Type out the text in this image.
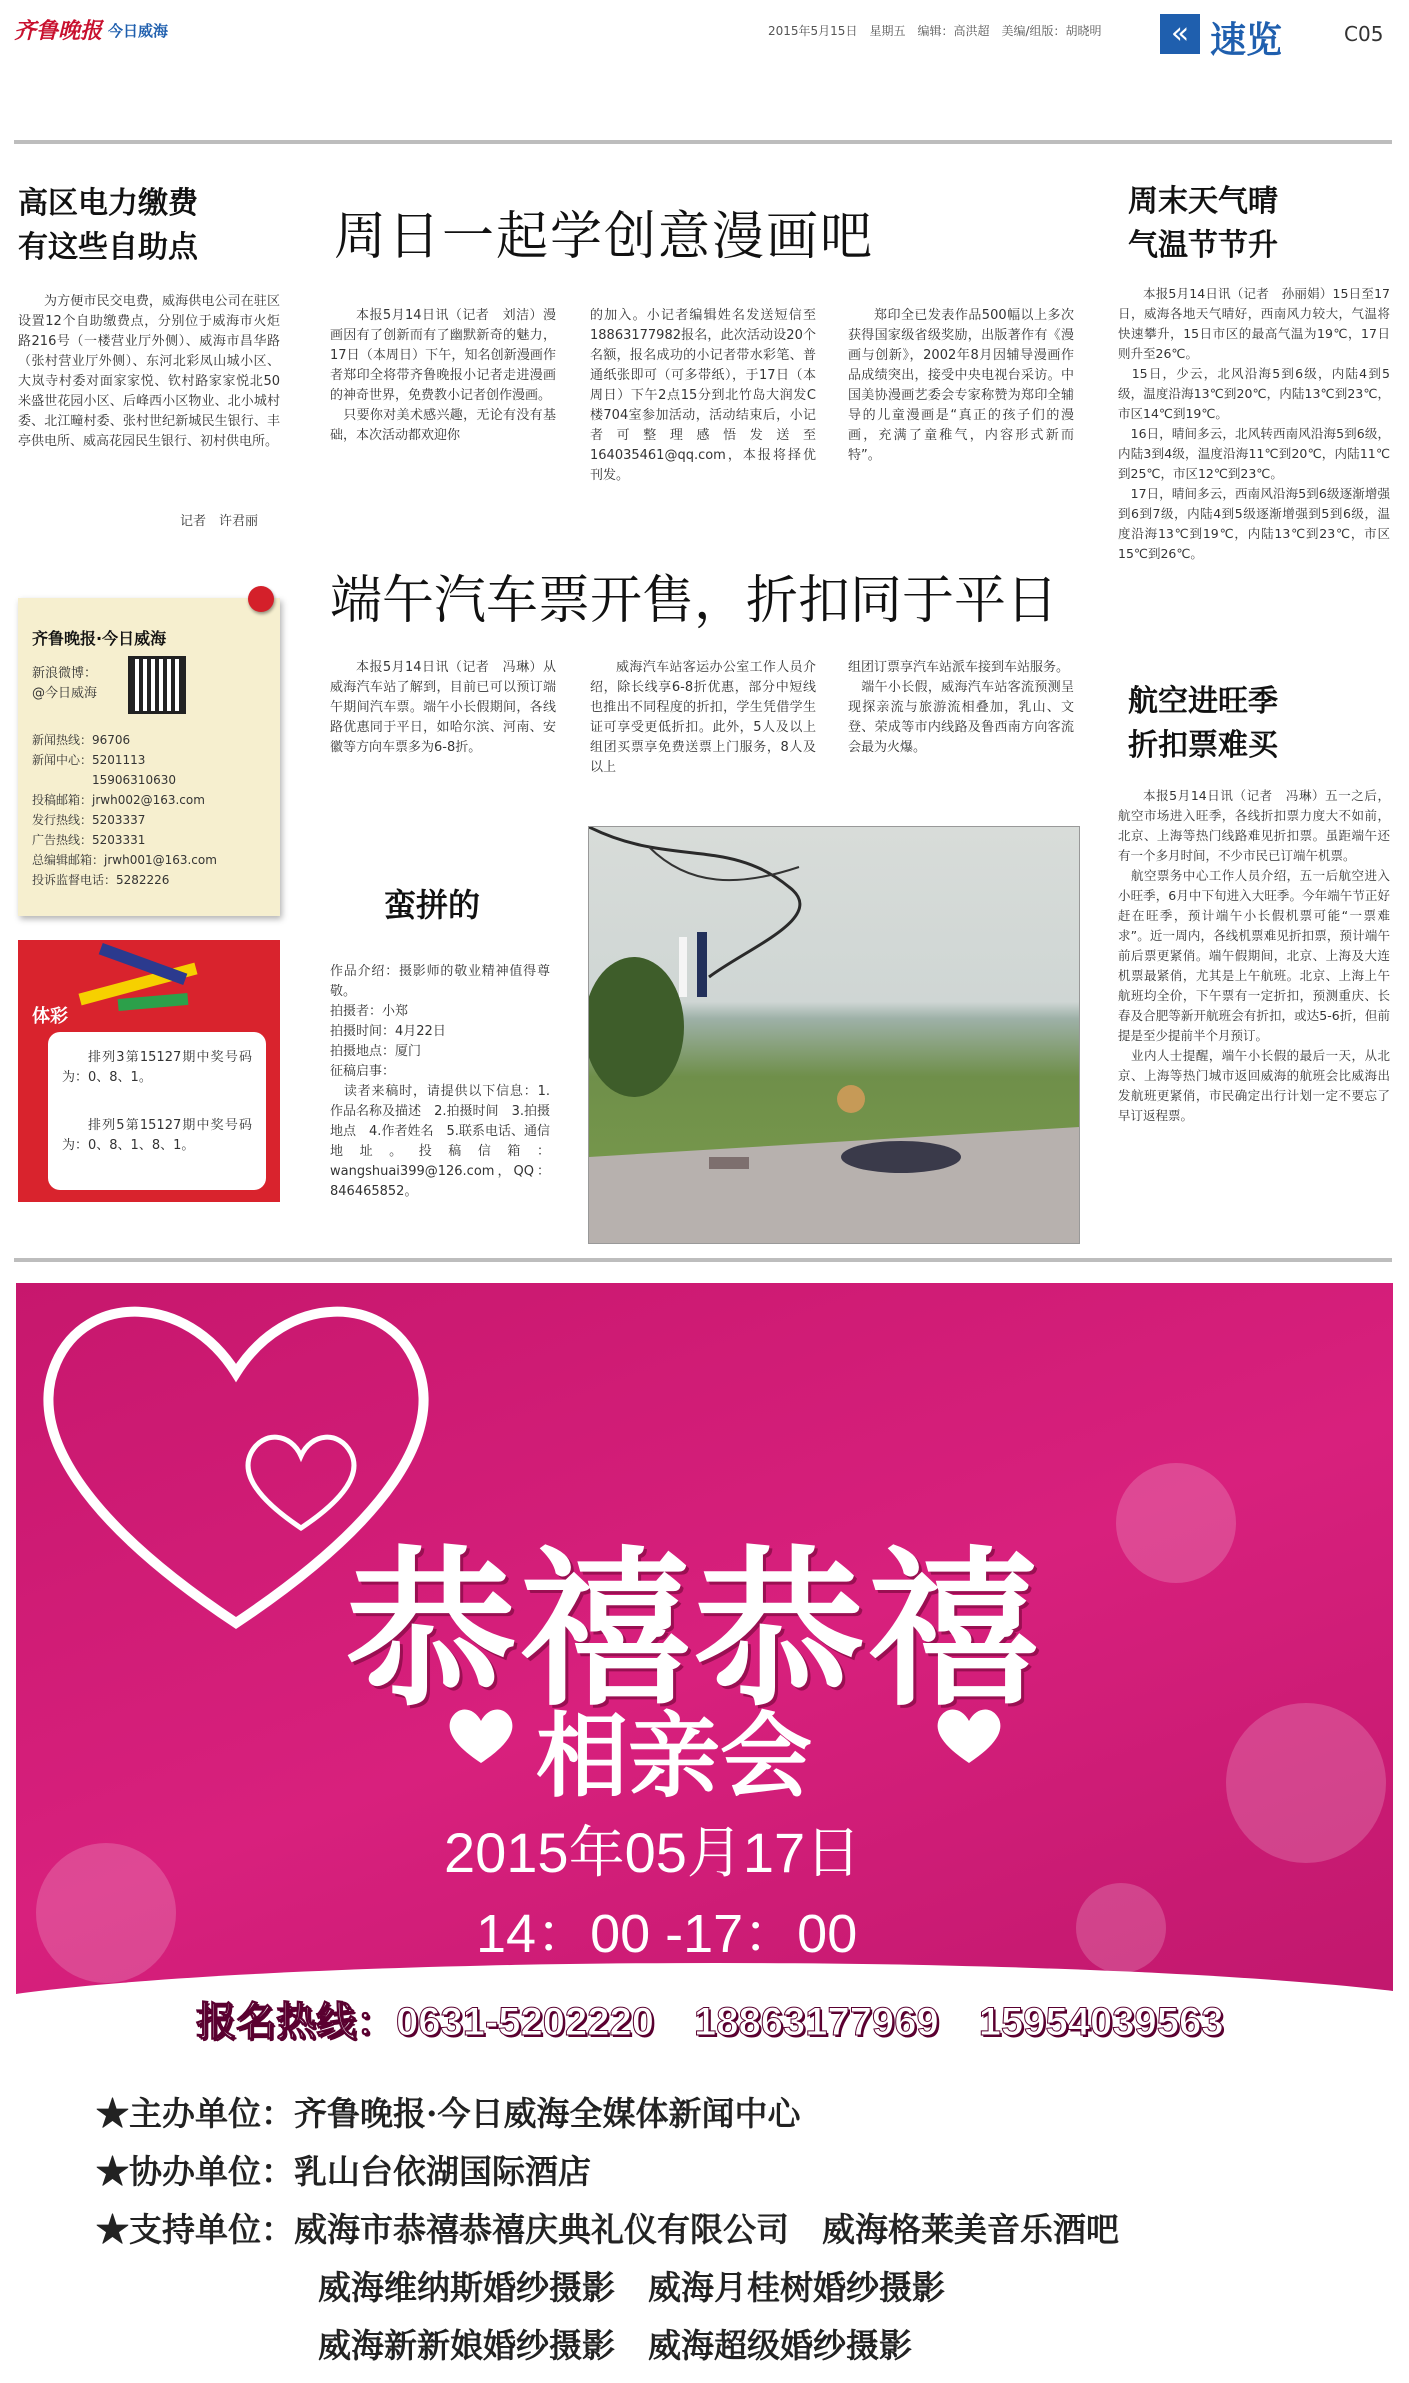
齐鲁晚报 今日威海	2015年5月15日　星期五　编辑：高洪超　美编/组版：胡晓明	« 速览	C05
高区电力缴费
有这些自助点
为方便市民交电费，威海供电公司在驻区设置12个自助缴费点，分别位于威海市火炬路216号（一楼营业厅外侧）、威海市昌华路（张村营业厅外侧）、东河北彩凤山城小区、大岚寺村委对面家家悦、钦村路家家悦北50米盛世花园小区、后峰西小区物业、北小城村委、北江疃村委、张村世纪新城民生银行、丰亭供电所、威高花园民生银行、初村供电所。
记者　许君丽
齐鲁晚报·今日威海
新浪微博：
@今日威海
新闻热线：96706
新闻中心：5201113
　　　　　15906310630
投稿邮箱：jrwh002@163.com
发行热线：5203337
广告热线：5203331
总编辑邮箱：jrwh001@163.com
投诉监督电话：5282226
体彩
排列3第15127期中奖号码为：0、8、1。
排列5第15127期中奖号码为：0、8、1、8、1。
周日一起学创意漫画吧
本报5月14日讯（记者　刘洁）漫画因有了创新而有了幽默新奇的魅力，17日（本周日）下午，知名创新漫画作者郑印全将带齐鲁晚报小记者走进漫画的神奇世界，免费教小记者创作漫画。
　只要你对美术感兴趣，无论有没有基础，本次活动都欢迎你
的加入。小记者编辑姓名发送短信至18863177982报名，此次活动设20个名额，报名成功的小记者带水彩笔、普通纸张即可（可多带纸），于17日（本周日）下午2点15分到北竹岛大润发C楼704室参加活动，活动结束后，小记者可整理感悟发送至164035461@qq.com，本报将择优刊发。
郑印全已发表作品500幅以上多次获得国家级省级奖励，出版著作有《漫画与创新》，2002年8月因辅导漫画作品成绩突出，接受中央电视台采访。中国美协漫画艺委会专家称赞为郑印全辅导的儿童漫画是“真正的孩子们的漫画，充满了童稚气，内容形式新而特”。
端午汽车票开售，折扣同于平日
本报5月14日讯（记者　冯琳）从威海汽车站了解到，目前已可以预订端午期间汽车票。端午小长假期间，各线路优惠同于平日，如哈尔滨、河南、安徽等方向车票多为6-8折。
威海汽车站客运办公室工作人员介绍，除长线享6-8折优惠，部分中短线也推出不同程度的折扣，学生凭借学生证可享受更低折扣。此外，5人及以上组团买票享免费送票上门服务，8人及以上
组团订票享汽车站派车接到车站服务。
　端午小长假，威海汽车站客流预测呈现探亲流与旅游流相叠加，乳山、文登、荣成等市内线路及鲁西南方向客流会最为火爆。
蛮拼的
作品介绍：摄影师的敬业精神值得尊敬。
拍摄者：小郑
拍摄时间：4月22日
拍摄地点：厦门
征稿启事：
　读者来稿时，请提供以下信息：1.作品名称及描述　2.拍摄时间　3.拍摄地点　4.作者姓名　5.联系电话、通信地址。投稿信箱：wangshuai399@126.com，QQ：846465852。
周末天气晴
气温节节升
本报5月14日讯（记者　孙丽娟）15日至17日，威海各地天气晴好，西南风力较大，气温将快速攀升，15日市区的最高气温为19℃，17日则升至26℃。
　15日，少云，北风沿海5到6级，内陆4到5级，温度沿海13℃到20℃，内陆13℃到23℃，市区14℃到19℃。
　16日，晴间多云，北风转西南风沿海5到6级，内陆3到4级，温度沿海11℃到20℃，内陆11℃到25℃，市区12℃到23℃。
　17日，晴间多云，西南风沿海5到6级逐渐增强到6到7级，内陆4到5级逐渐增强到5到6级，温度沿海13℃到19℃，内陆13℃到23℃，市区15℃到26℃。
航空进旺季
折扣票难买
本报5月14日讯（记者　冯琳）五一之后，航空市场进入旺季，各线折扣票力度大不如前，北京、上海等热门线路难见折扣票。虽距端午还有一个多月时间，不少市民已订端午机票。
　航空票务中心工作人员介绍，五一后航空进入小旺季，6月中下旬进入大旺季。今年端午节正好赶在旺季，预计端午小长假机票可能“一票难求”。近一周内，各线机票难见折扣票，预计端午前后票更紧俏。端午假期间，北京、上海及大连机票最紧俏，尤其是上午航班。北京、上海上午航班均全价，下午票有一定折扣，预测重庆、长春及合肥等新开航班会有折扣，或达5-6折，但前提是至少提前半个月预订。
　业内人士提醒，端午小长假的最后一天，从北京、上海等热门城市返回威海的航班会比威海出发航班更紧俏，市民确定出行计划一定不要忘了早订返程票。
恭禧恭禧
相亲会
2015年05月17日
14：00 -17：00
报名热线：0631-5202220　18863177969　15954039563
★主办单位：齐鲁晚报·今日威海全媒体新闻中心
★协办单位：乳山台依湖国际酒店
★支持单位：威海市恭禧恭禧庆典礼仪有限公司　威海格莱美音乐酒吧
威海维纳斯婚纱摄影　威海月桂树婚纱摄影
威海新新娘婚纱摄影　威海超级婚纱摄影
